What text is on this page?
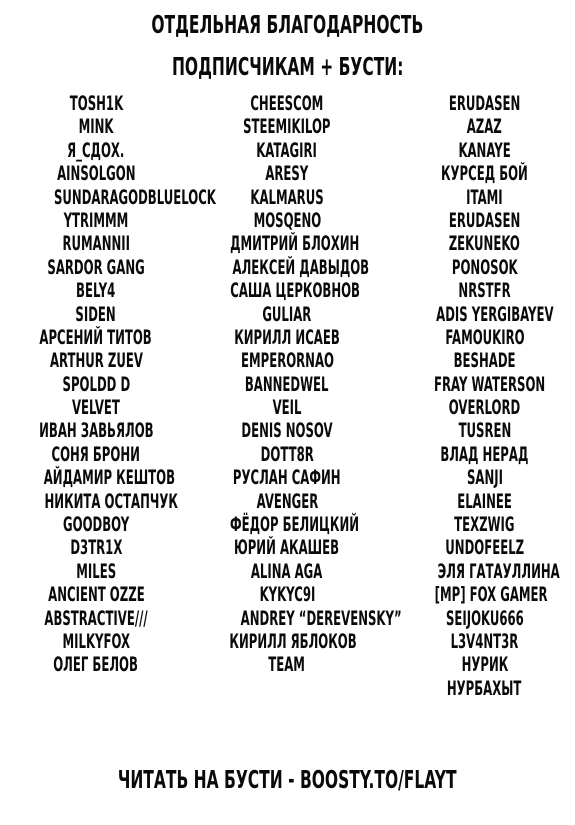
ОТДЕЛЬНАЯ БЛАГОДАРНОСТЬ
ПОДПИСЧИКАМ + БУСТИ:
TOSH1K
MINK
Я_СДОХ.
AINSOLGON
SUNDARAGODBLUELOCK
YTRIMMM
RUMANNII
SARDOR GANG
BELY4
SIDEN
АРСЕНИЙ ТИТОВ
ARTHUR ZUEV
SPOLDD D
VELVET
ИВАН ЗАВЬЯЛОВ
СОНЯ БРОНИ
АЙДАМИР КЕШТОВ
НИКИТА ОСТАПЧУК
GOODBOY
D3TR1X
MILES
ANCIENT OZZE
ABSTRACTIVE///
MILKYFOX
ОЛЕГ БЕЛОВ
CHEESCOM
STEEMIKILOP
KATAGIRI
ARESY
KALMARUS
MOSQENO
ДМИТРИЙ БЛОХИН
АЛЕКСЕЙ ДАВЫДОВ
САША ЦЕРКОВНОВ
GULIAR
КИРИЛЛ ИСАЕВ
EMPERORNAO
BANNEDWEL
VEIL
DENIS NOSOV
DOTT8R
РУСЛАН САФИН
AVENGER
ФЁДОР БЕЛИЦКИЙ
ЮРИЙ АКАШЕВ
ALINA AGA
KYKYC9I
ANDREY “DEREVENSKY”
КИРИЛЛ ЯБЛОКОВ
TEAM
ERUDASEN
AZAZ
KANAYE
КУРСЕД БОЙ
ITAMI
ERUDASEN
ZEKUNEKO
PONOSOK
NRSTFR
ADIS YERGIBAYEV
FAMOUKIRO
BESHADE
FRAY WATERSON
OVERLORD
TUSREN
ВЛАД НЕРАД
SANJI
ELAINEE
TEXZWIG
UNDOFEELZ
ЭЛЯ ГАТАУЛЛИНА
[MP] FOX GAMER
SEIJOKU666
L3V4NT3R
НУРИК
НУРБАХЫТ
ЧИТАТЬ НА БУСТИ - BOOSTY.TO/FLAYT
